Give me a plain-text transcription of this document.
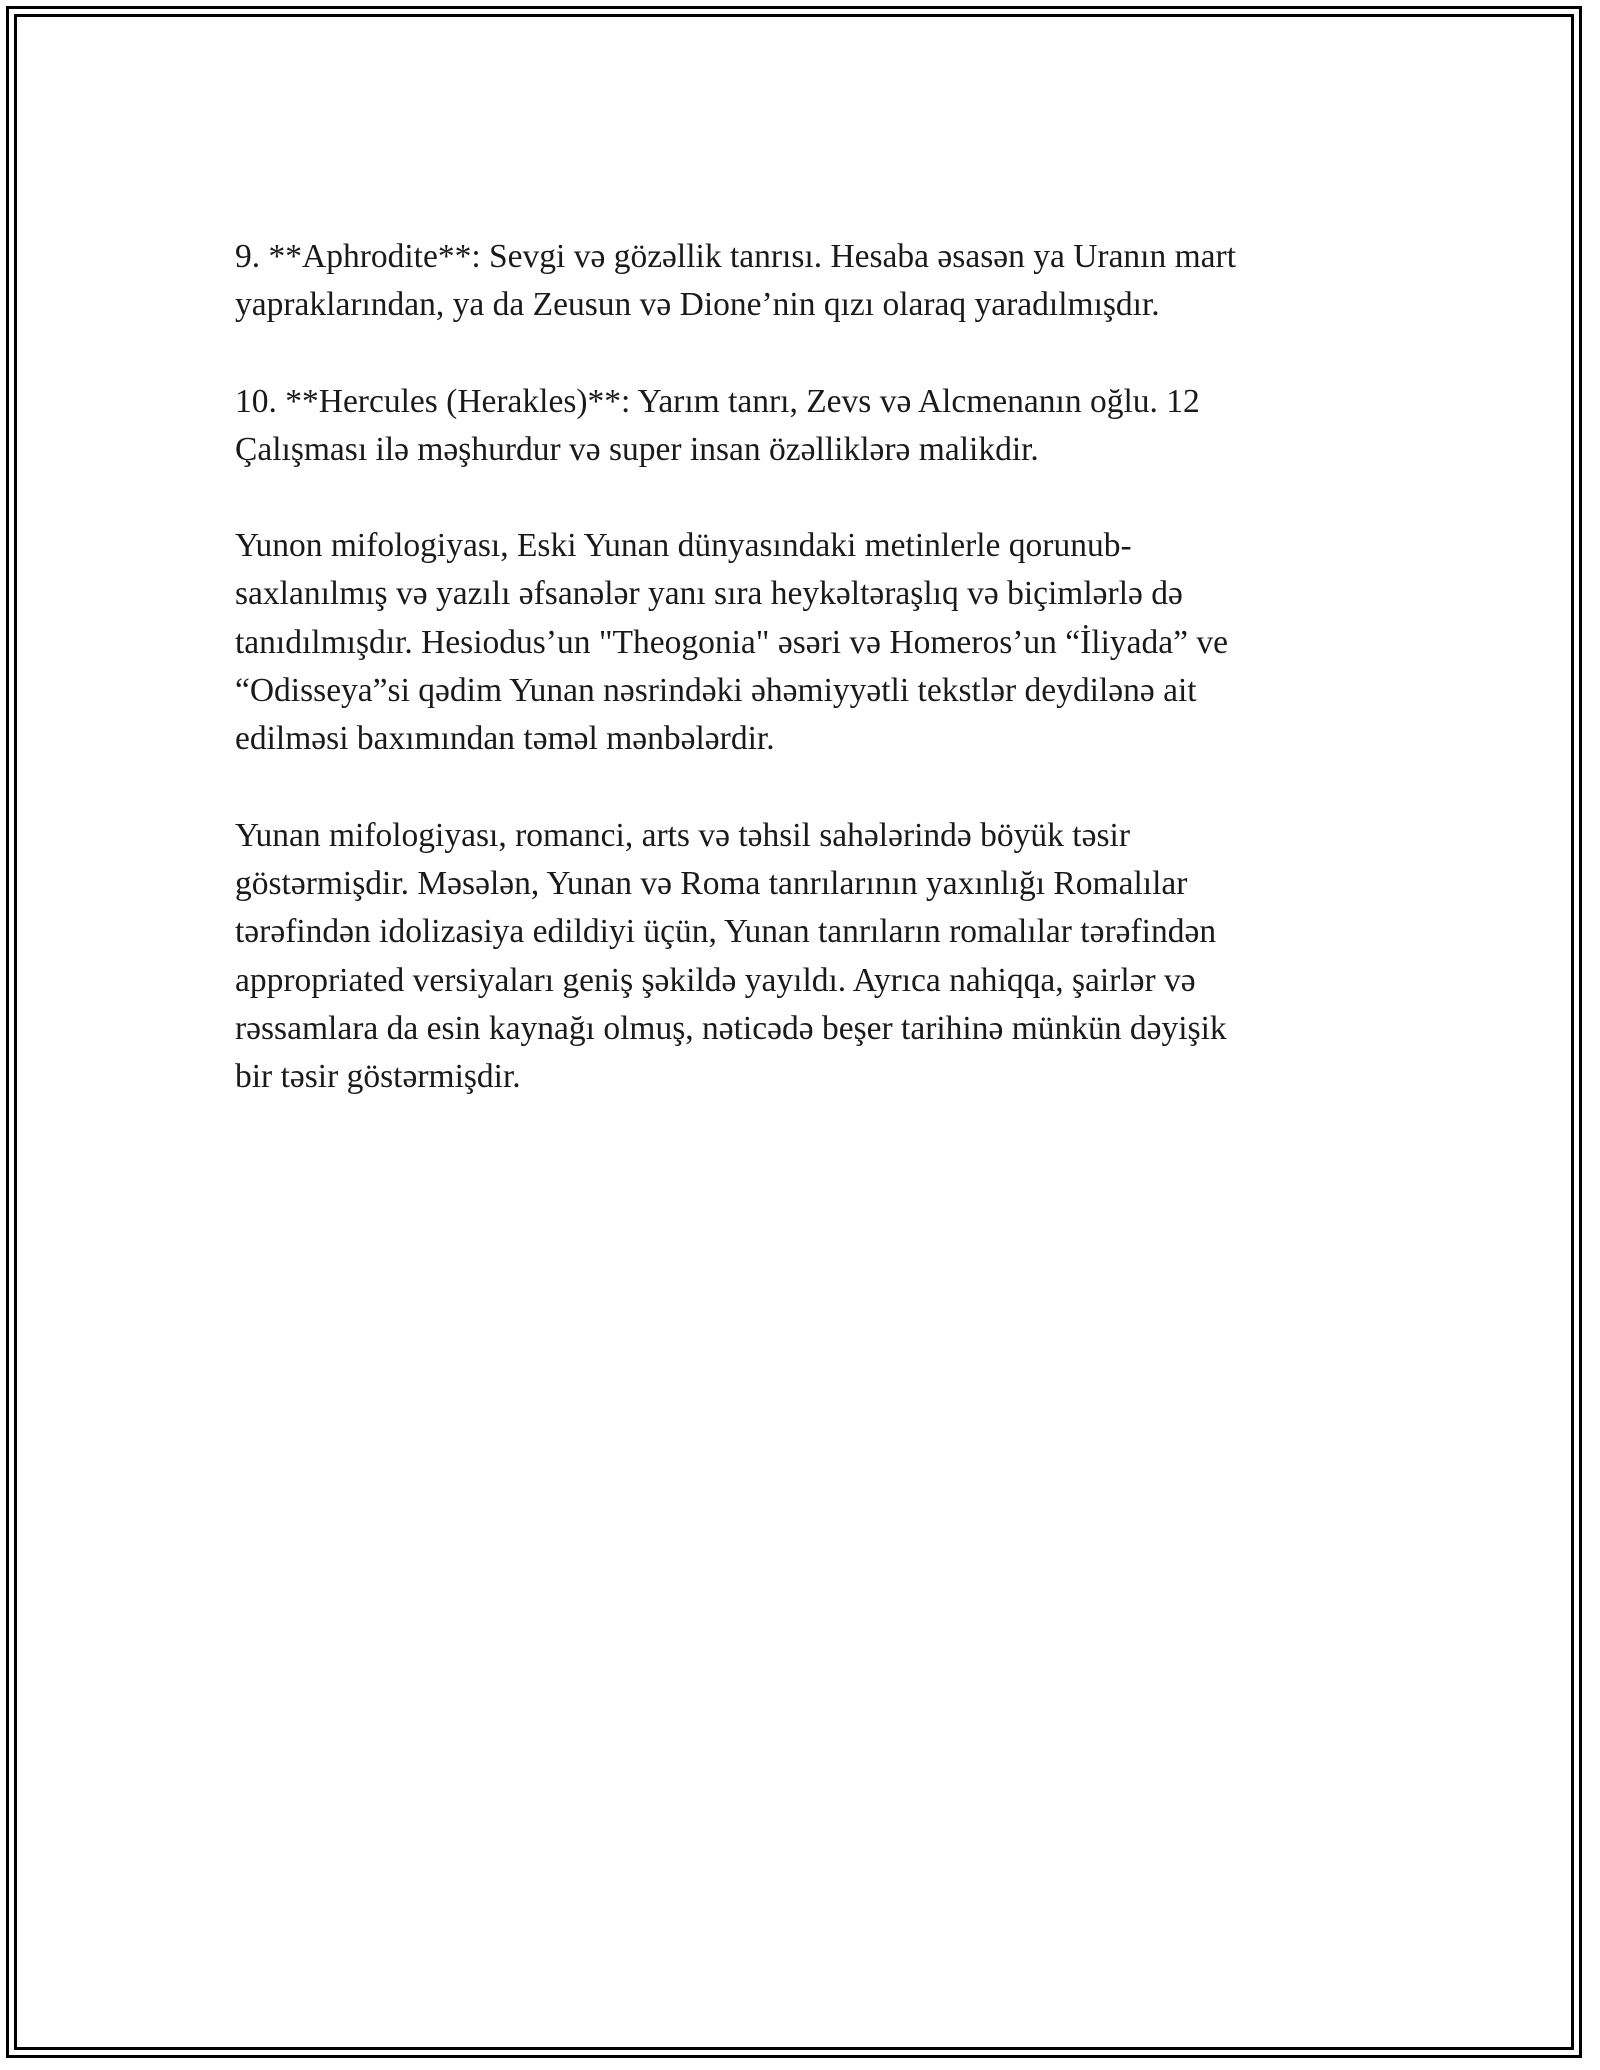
9. **Aphrodite**: Sevgi və gözəllik tanrısı. Hesaba əsasən ya Uranın mart
yapraklarından, ya da Zeusun və Dione’nin qızı olaraq yaradılmışdır.

10. **Hercules (Herakles)**: Yarım tanrı, Zevs və Alcmenanın oğlu. 12
Çalışması ilə məşhurdur və super insan özəlliklərə malikdir.

Yunon mifologiyası, Eski Yunan dünyasındaki metinlerle qorunub-
saxlanılmış və yazılı əfsanələr yanı sıra heykəltəraşlıq və biçimlərlə də
tanıdılmışdır. Hesiodus’un "Theogonia" əsəri və Homeros’un “İliyada” ve
“Odisseya”si qədim Yunan nəsrindəki əhəmiyyətli tekstlər deydilənə ait
edilməsi baxımından təməl mənbələrdir.

Yunan mifologiyası, romanci, arts və təhsil sahələrində böyük təsir
göstərmişdir. Məsələn, Yunan və Roma tanrılarının yaxınlığı Romalılar
tərəfindən idolizasiya edildiyi üçün, Yunan tanrıların romalılar tərəfindən
appropriated versiyaları geniş şəkildə yayıldı. Ayrıca nahiqqa, şairlər və
rəssamlara da esin kaynağı olmuş, nəticədə beşer tarihinə münkün dəyişik
bir təsir göstərmişdir.
